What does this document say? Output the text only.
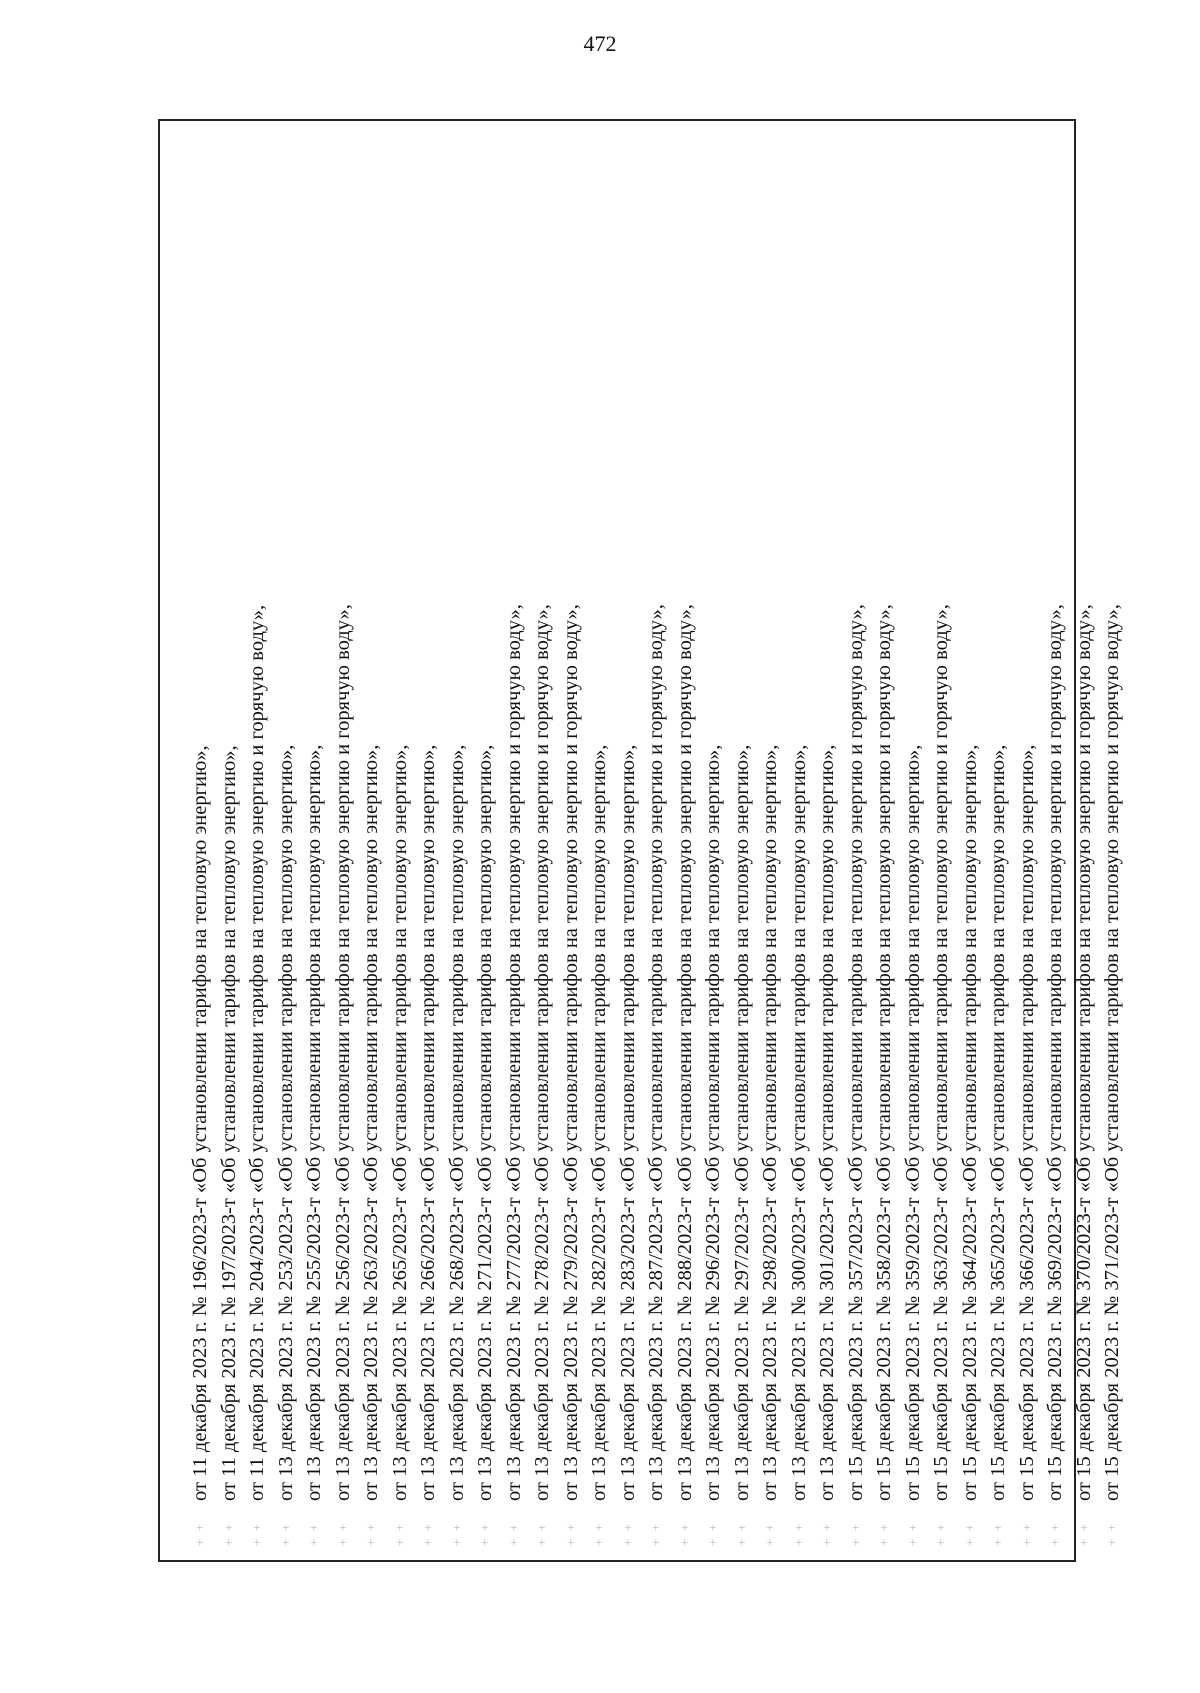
472
+ +
от 11 декабря 2023 г. № 196/2023-т «Об установлении тарифов на тепловую энергию»,
+ +
от 11 декабря 2023 г. № 197/2023-т «Об установлении тарифов на тепловую энергию»,
+ +
от 11 декабря 2023 г. № 204/2023-т «Об установлении тарифов на тепловую энергию и горячую воду»,
+ +
от 13 декабря 2023 г. № 253/2023-т «Об установлении тарифов на тепловую энергию»,
+ +
от 13 декабря 2023 г. № 255/2023-т «Об установлении тарифов на тепловую энергию»,
+ +
от 13 декабря 2023 г. № 256/2023-т «Об установлении тарифов на тепловую энергию и горячую воду»,
+ +
от 13 декабря 2023 г. № 263/2023-т «Об установлении тарифов на тепловую энергию»,
+ +
от 13 декабря 2023 г. № 265/2023-т «Об установлении тарифов на тепловую энергию»,
+ +
от 13 декабря 2023 г. № 266/2023-т «Об установлении тарифов на тепловую энергию»,
+ +
от 13 декабря 2023 г. № 268/2023-т «Об установлении тарифов на тепловую энергию»,
+ +
от 13 декабря 2023 г. № 271/2023-т «Об установлении тарифов на тепловую энергию»,
+ +
от 13 декабря 2023 г. № 277/2023-т «Об установлении тарифов на тепловую энергию и горячую воду»,
+ +
от 13 декабря 2023 г. № 278/2023-т «Об установлении тарифов на тепловую энергию и горячую воду»,
+ +
от 13 декабря 2023 г. № 279/2023-т «Об установлении тарифов на тепловую энергию и горячую воду»,
+ +
от 13 декабря 2023 г. № 282/2023-т «Об установлении тарифов на тепловую энергию»,
+ +
от 13 декабря 2023 г. № 283/2023-т «Об установлении тарифов на тепловую энергию»,
+ +
от 13 декабря 2023 г. № 287/2023-т «Об установлении тарифов на тепловую энергию и горячую воду»,
+ +
от 13 декабря 2023 г. № 288/2023-т «Об установлении тарифов на тепловую энергию и горячую воду»,
+ +
от 13 декабря 2023 г. № 296/2023-т «Об установлении тарифов на тепловую энергию»,
+ +
от 13 декабря 2023 г. № 297/2023-т «Об установлении тарифов на тепловую энергию»,
+ +
от 13 декабря 2023 г. № 298/2023-т «Об установлении тарифов на тепловую энергию»,
+ +
от 13 декабря 2023 г. № 300/2023-т «Об установлении тарифов на тепловую энергию»,
+ +
от 13 декабря 2023 г. № 301/2023-т «Об установлении тарифов на тепловую энергию»,
+ +
от 15 декабря 2023 г. № 357/2023-т «Об установлении тарифов на тепловую энергию и горячую воду»,
+ +
от 15 декабря 2023 г. № 358/2023-т «Об установлении тарифов на тепловую энергию и горячую воду»,
+ +
от 15 декабря 2023 г. № 359/2023-т «Об установлении тарифов на тепловую энергию»,
+ +
от 15 декабря 2023 г. № 363/2023-т «Об установлении тарифов на тепловую энергию и горячую воду»,
+ +
от 15 декабря 2023 г. № 364/2023-т «Об установлении тарифов на тепловую энергию»,
+ +
от 15 декабря 2023 г. № 365/2023-т «Об установлении тарифов на тепловую энергию»,
+ +
от 15 декабря 2023 г. № 366/2023-т «Об установлении тарифов на тепловую энергию»,
+ +
от 15 декабря 2023 г. № 369/2023-т «Об установлении тарифов на тепловую энергию и горячую воду»,
+ +
от 15 декабря 2023 г. № 370/2023-т «Об установлении тарифов на тепловую энергию и горячую воду»,
+ +
от 15 декабря 2023 г. № 371/2023-т «Об установлении тарифов на тепловую энергию и горячую воду»,
